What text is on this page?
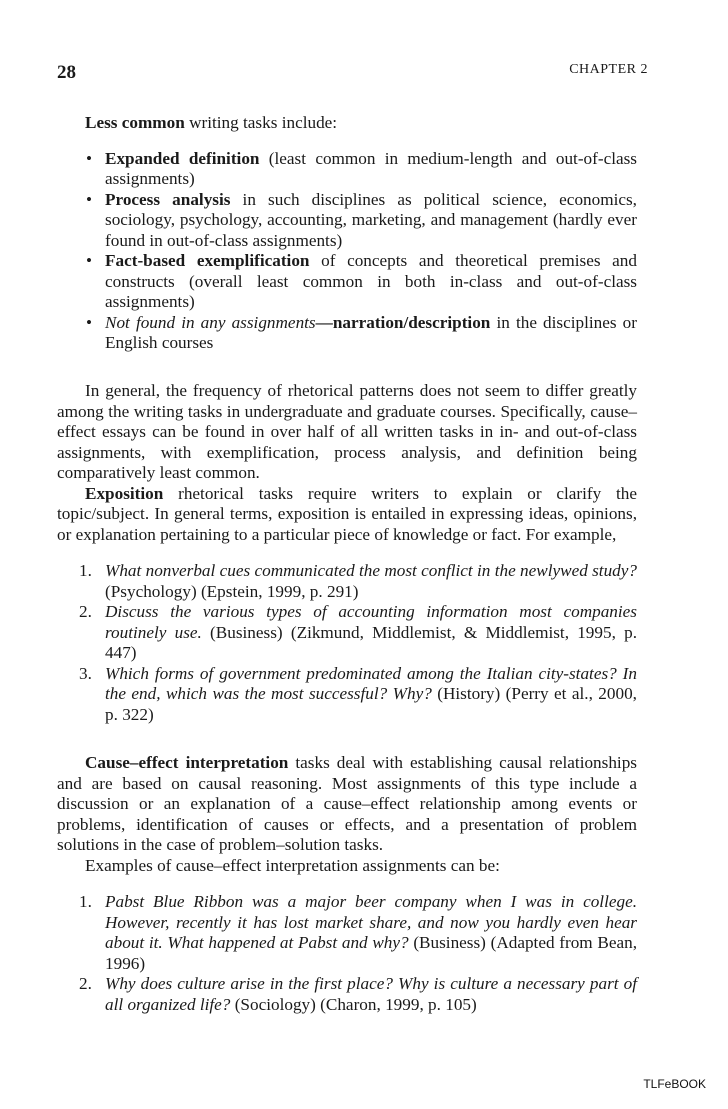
28	CHAPTER 2

Less common writing tasks include:

• Expanded definition (least common in medium-length and out-of-class assignments)
• Process analysis in such disciplines as political science, economics, sociology, psychology, accounting, marketing, and management (hardly ever found in out-of-class assignments)
• Fact-based exemplification of concepts and theoretical premises and constructs (overall least common in both in-class and out-of-class assignments)
• Not found in any assignments—narration/description in the disciplines or English courses

In general, the frequency of rhetorical patterns does not seem to differ greatly among the writing tasks in undergraduate and graduate courses. Specifically, cause–effect essays can be found in over half of all written tasks in in- and out-of-class assignments, with exemplification, process analysis, and definition being comparatively least common.

Exposition rhetorical tasks require writers to explain or clarify the topic/subject. In general terms, exposition is entailed in expressing ideas, opinions, or explanation pertaining to a particular piece of knowledge or fact. For example,

1. What nonverbal cues communicated the most conflict in the newlywed study? (Psychology) (Epstein, 1999, p. 291)
2. Discuss the various types of accounting information most companies routinely use. (Business) (Zikmund, Middlemist, & Middlemist, 1995, p. 447)
3. Which forms of government predominated among the Italian city-states? In the end, which was the most successful? Why? (History) (Perry et al., 2000, p. 322)

Cause–effect interpretation tasks deal with establishing causal relationships and are based on causal reasoning. Most assignments of this type include a discussion or an explanation of a cause–effect relationship among events or problems, identification of causes or effects, and a presentation of problem solutions in the case of problem–solution tasks.

Examples of cause–effect interpretation assignments can be:

1. Pabst Blue Ribbon was a major beer company when I was in college. However, recently it has lost market share, and now you hardly even hear about it. What happened at Pabst and why? (Business) (Adapted from Bean, 1996)
2. Why does culture arise in the first place? Why is culture a necessary part of all organized life? (Sociology) (Charon, 1999, p. 105)
TLFeBOOK
